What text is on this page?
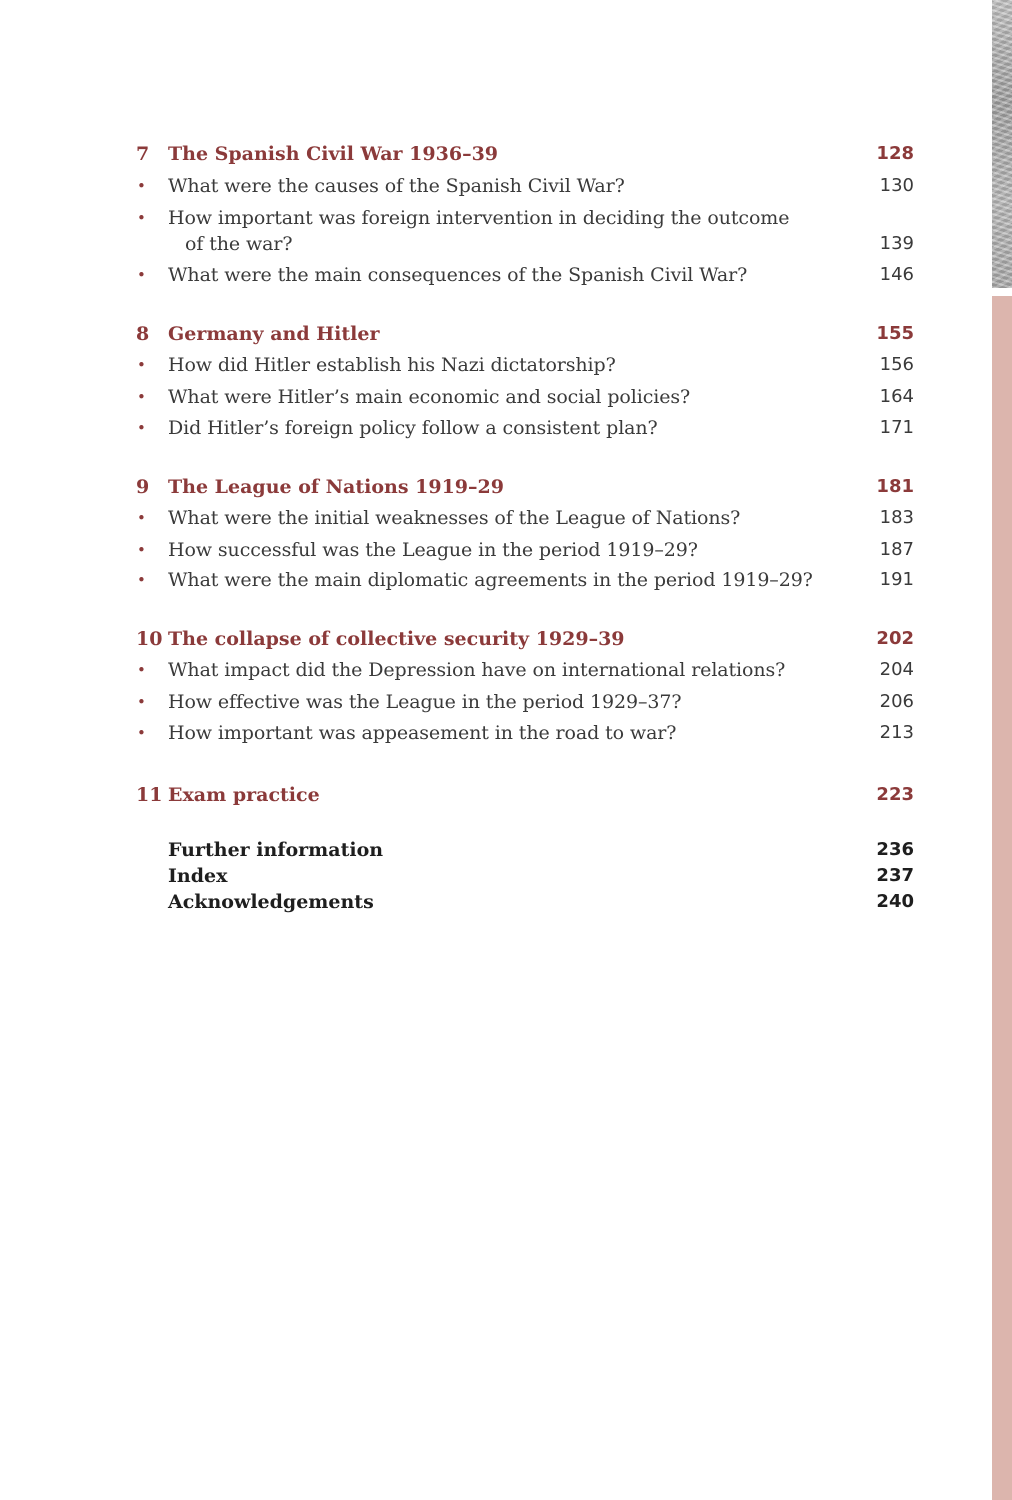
7 The Spanish Civil War 1936–39	128
• What were the causes of the Spanish Civil War?	130
• How important was foreign intervention in deciding the outcome
of the war?	139
• What were the main consequences of the Spanish Civil War?	146
8 Germany and Hitler	155
• How did Hitler establish his Nazi dictatorship?	156
• What were Hitler’s main economic and social policies?	164
• Did Hitler’s foreign policy follow a consistent plan?	171
9 The League of Nations 1919–29	181
• What were the initial weaknesses of the League of Nations?	183
• How successful was the League in the period 1919–29?	187
• What were the main diplomatic agreements in the period 1919–29?	191
10 The collapse of collective security 1929–39	202
• What impact did the Depression have on international relations?	204
• How effective was the League in the period 1929–37?	206
• How important was appeasement in the road to war?	213
11 Exam practice	223
Further information	236
Index	237
Acknowledgements	240
